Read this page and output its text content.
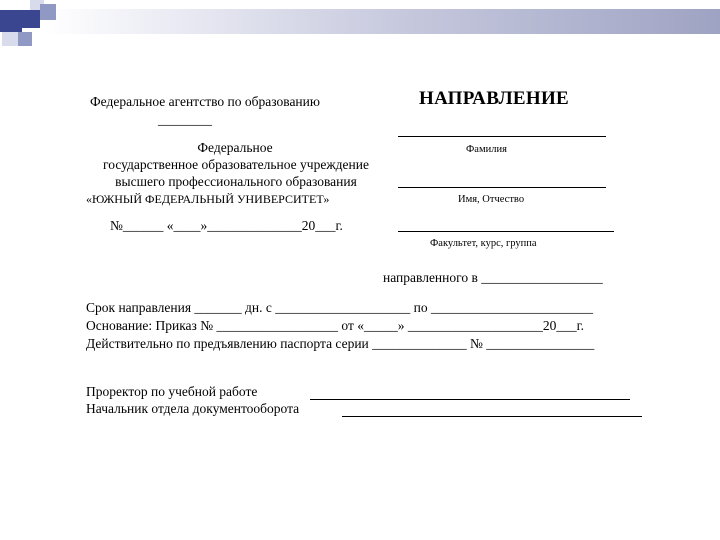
Федеральное агентство по образованию
________
НАПРАВЛЕНИЕ
Федеральное
государственное образовательное учреждение
высшего профессионального образования
«ЮЖНЫЙ ФЕДЕРАЛЬНЫЙ УНИВЕРСИТЕТ»
№______ «____»______________20___г.
Фамилия
Имя, Отчество
Факультет, курс, группа
направленного в __________________
Срок направления _______ дн. с ____________________ по ________________________
Основание: Приказ № __________________ от «_____» ____________________20___г.
Действительно по предъявлению паспорта серии ______________ № ________________
Проректор по учебной работе
Начальник отдела документооборота
